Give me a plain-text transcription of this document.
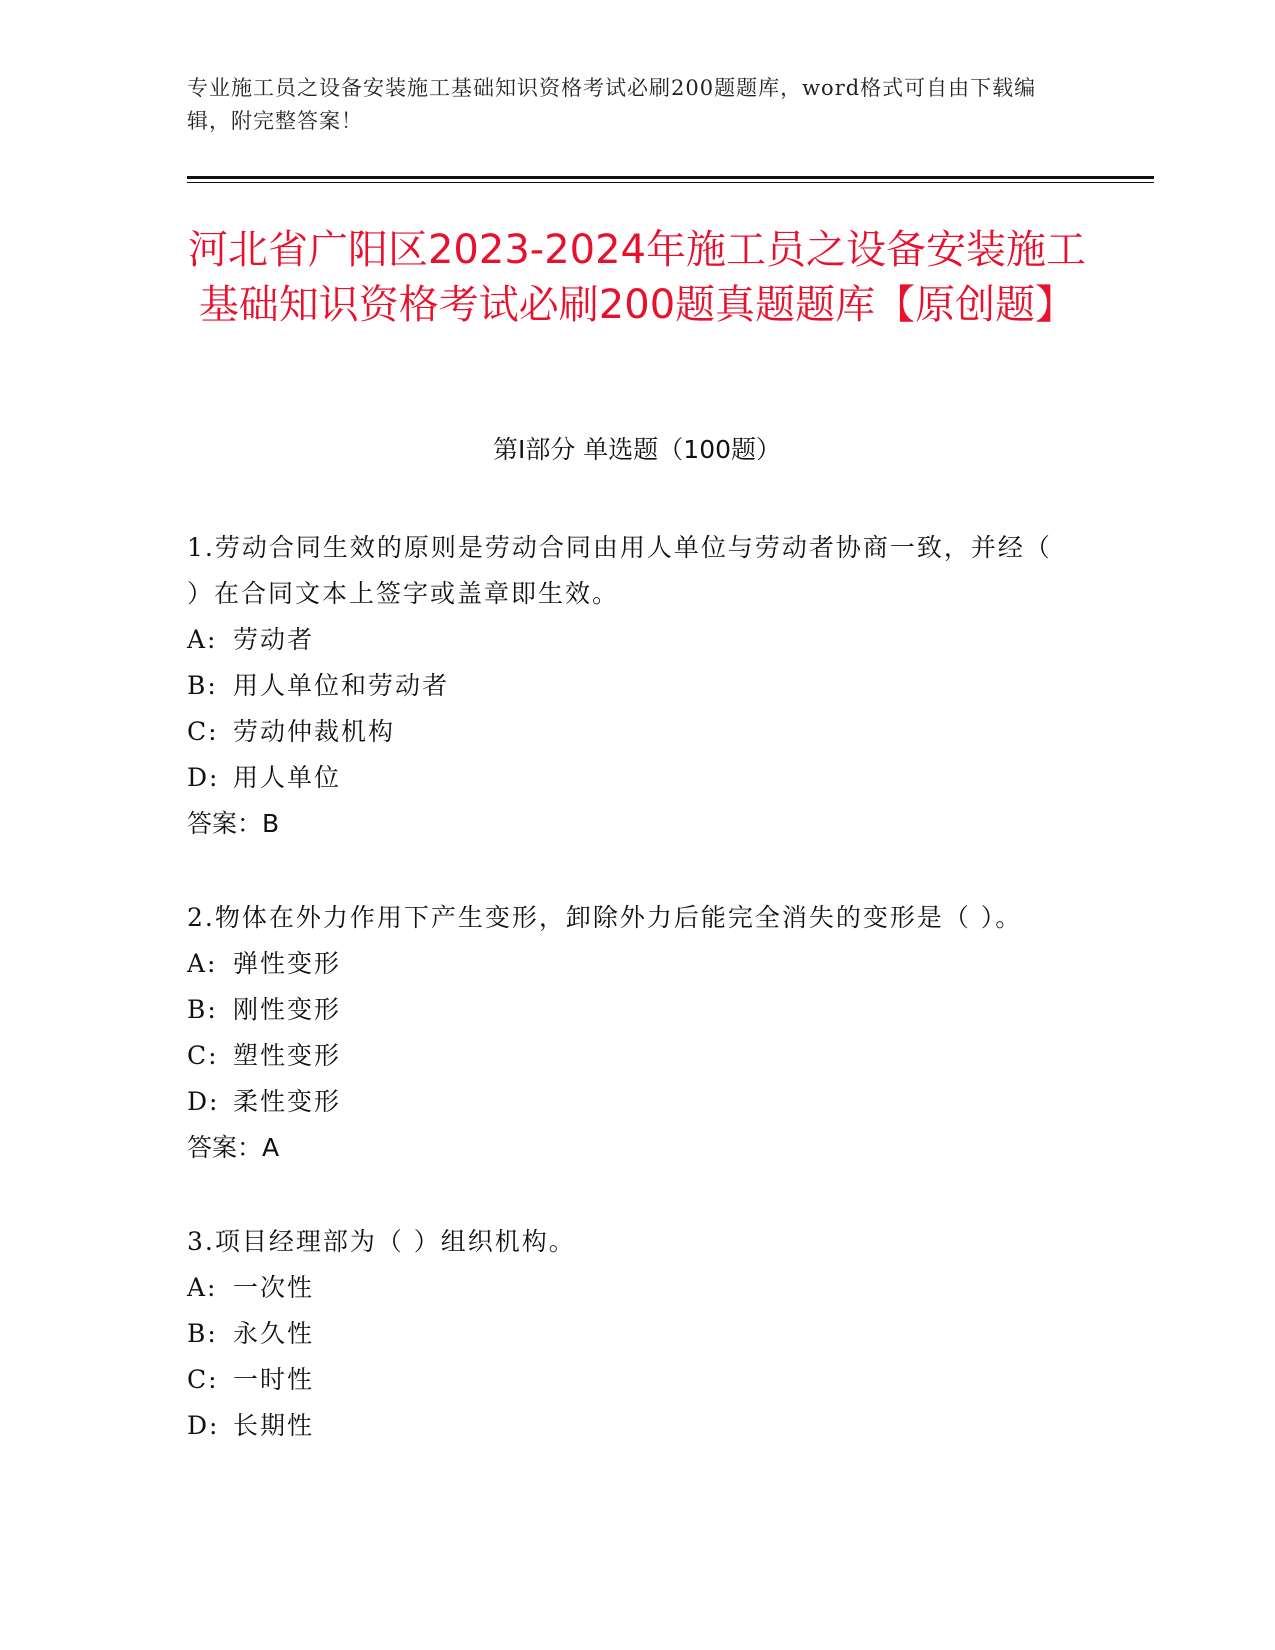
专业施工员之设备安装施工基础知识资格考试必刷200题题库，word格式可自由下载编辑，附完整答案！
河北省广阳区2023-2024年施工员之设备安装施工基础知识资格考试必刷200题真题题库【原创题】
第Ⅰ部分 单选题（100题）
1.劳动合同生效的原则是劳动合同由用人单位与劳动者协商一致，并经（ ）在合同文本上签字或盖章即生效。
A: 劳动者
B: 用人单位和劳动者
C: 劳动仲裁机构
D: 用人单位
答案：B
2.物体在外力作用下产生变形，卸除外力后能完全消失的变形是（ ）。
A: 弹性变形
B: 刚性变形
C: 塑性变形
D: 柔性变形
答案：A
3.项目经理部为（ ）组织机构。
A: 一次性
B: 永久性
C: 一时性
D: 长期性
